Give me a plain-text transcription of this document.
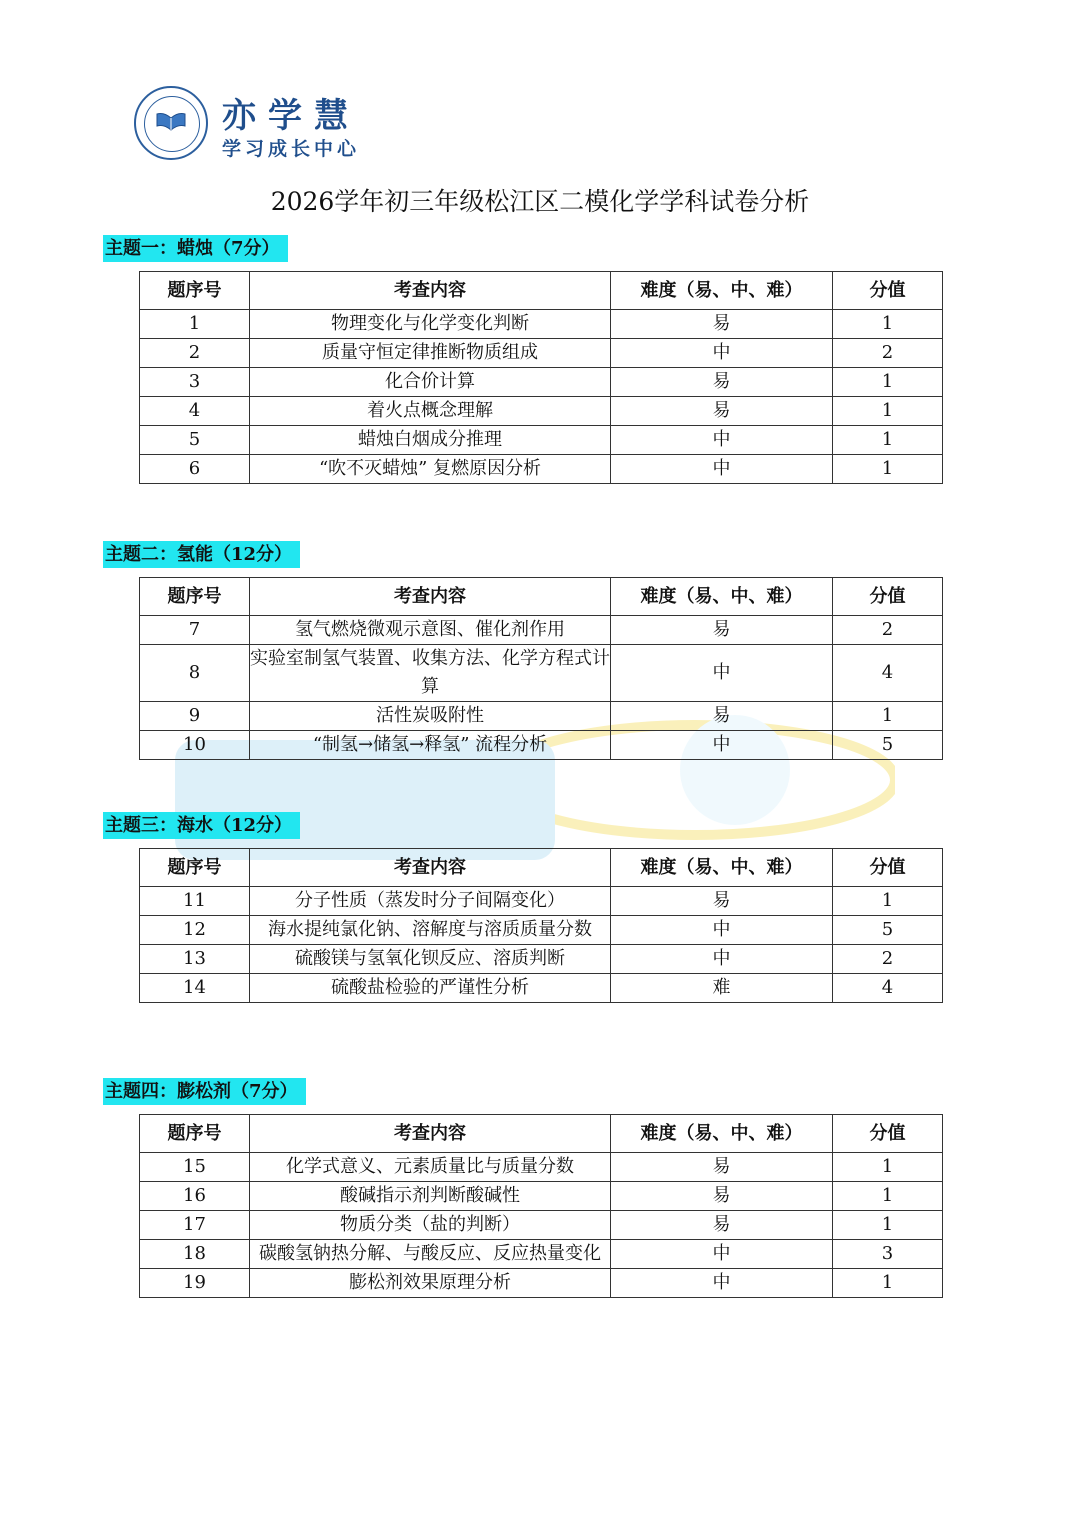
亦学慧
学习成长中心
2026学年初三年级松江区二模化学学科试卷分析
主题一：蜡烛（7分）
题序号	考查内容	难度（易、中、难）	分值
1	物理变化与化学变化判断	易	1
2	质量守恒定律推断物质组成	中	2
3	化合价计算	易	1
4	着火点概念理解	易	1
5	蜡烛白烟成分推理	中	1
6	“吹不灭蜡烛” 复燃原因分析	中	1
主题二：氢能（12分）
题序号	考查内容	难度（易、中、难）	分值
7	氢气燃烧微观示意图、催化剂作用	易	2
8	实验室制氢气装置、收集方法、化学方程式计算	中	4
9	活性炭吸附性	易	1
10	“制氢→储氢→释氢” 流程分析	中	5
主题三：海水（12分）
题序号	考查内容	难度（易、中、难）	分值
11	分子性质（蒸发时分子间隔变化）	易	1
12	海水提纯氯化钠、溶解度与溶质质量分数	中	5
13	硫酸镁与氢氧化钡反应、溶质判断	中	2
14	硫酸盐检验的严谨性分析	难	4
主题四：膨松剂（7分）
题序号	考查内容	难度（易、中、难）	分值
15	化学式意义、元素质量比与质量分数	易	1
16	酸碱指示剂判断酸碱性	易	1
17	物质分类（盐的判断）	易	1
18	碳酸氢钠热分解、与酸反应、反应热量变化	中	3
19	膨松剂效果原理分析	中	1
